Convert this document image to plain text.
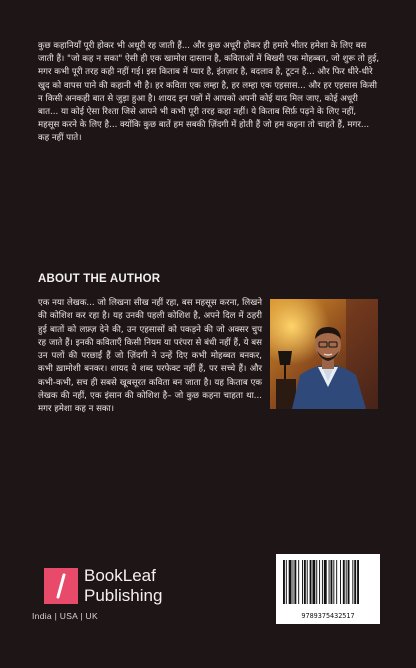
कुछ कहानियाँ पूरी होकर भी अधूरी रह जाती हैं... और कुछ अधूरी होकर ही हमारे भीतर हमेशा के लिए बस जाती हैं। "जो कह न सका" ऐसी ही एक खामोश दास्तान है, कविताओं में बिखरी एक मोहब्बत, जो शुरू तो हुई, मगर कभी पूरी तरह कही नहीं गई। इस किताब में प्यार है, इंतज़ार है, बदलाव है, टूटन है... और फिर धीरे-धीरे खुद को वापस पाने की कहानी भी है। हर कविता एक लम्हा है, हर लम्हा एक एहसास... और हर एहसास किसी न किसी अनकही बात से जुड़ा हुआ है। शायद इन पन्नों में आपको अपनी कोई याद मिल जाए, कोई अधूरी बात... या कोई ऐसा रिश्ता जिसे आपने भी कभी पूरी तरह कहा नहीं। ये किताब सिर्फ़ पढ़ने के लिए नहीं, महसूस करने के लिए है... क्योंकि कुछ बातें हम सबकी ज़िंदगी में होती हैं जो हम कहना तो चाहते हैं, मगर... कह नहीं पाते।

ABOUT THE AUTHOR

एक नया लेखक... जो लिखना सीख नहीं रहा, बस महसूस करना, लिखने की कोशिश कर रहा है। यह उनकी पहली कोशिश है, अपने दिल में ठहरी हुई बातों को लफ़्ज़ देने की, उन एहसासों को पकड़ने की जो अक्सर चुप रह जाते हैं। इनकी कविताएँ किसी नियम या परंपरा से बंधी नहीं हैं, ये बस उन पलों की परछाईं हैं जो ज़िंदगी ने उन्हें दिए कभी मोहब्बत बनकर, कभी ख़ामोशी बनकर। शायद ये शब्द परफेक्ट नहीं हैं, पर सच्चे हैं। और कभी-कभी, सच ही सबसे खूबसूरत कविता बन जाता है। यह किताब एक लेखक की नहीं, एक इंसान की कोशिश है– जो कुछ कहना चाहता था... मगर हमेशा कह न सका।

BookLeaf
Publishing
India | USA | UK	9789375432517
